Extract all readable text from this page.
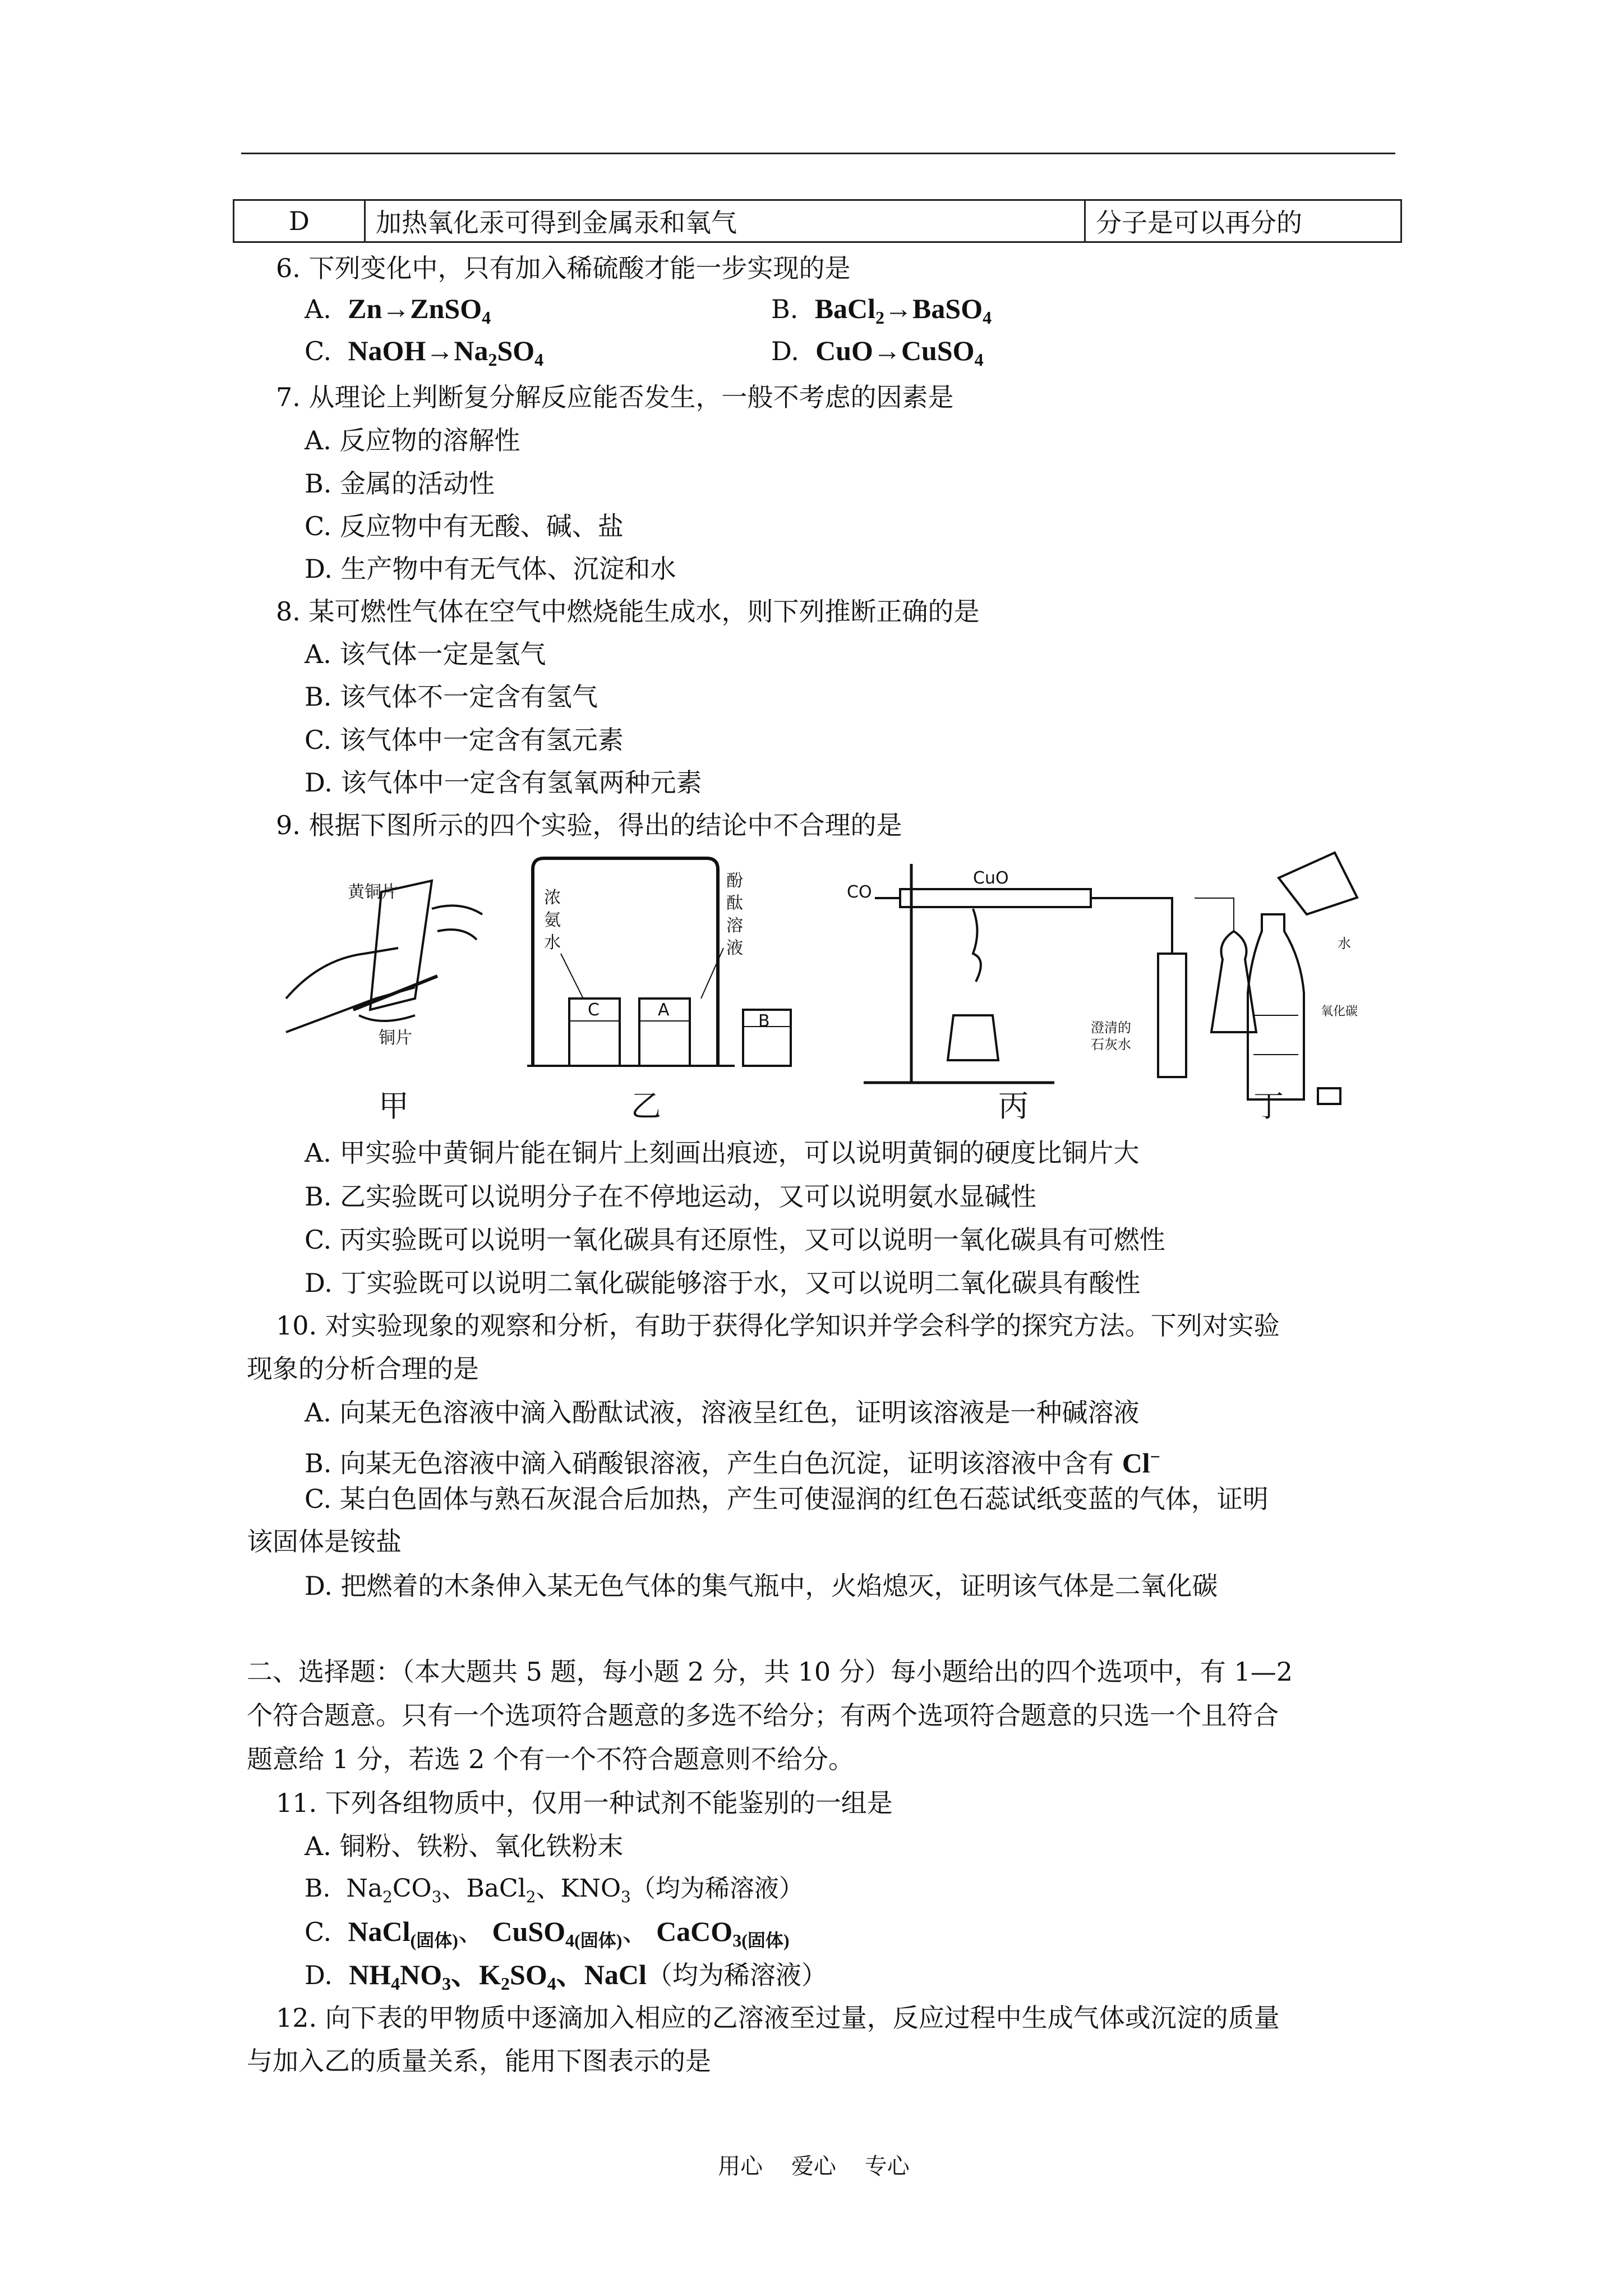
D	加热氧化汞可得到金属汞和氧气	分子是可以再分的
6. 下列变化中，只有加入稀硫酸才能一步实现的是
A. Zn→ZnSO$_4$	B. BaCl$_2$→BaSO$_4$
C. $NaOH\to Na_2SO_4$	D. CuO→CuSO$_4$
7. 从理论上判断复分解反应能否发生，一般不考虑的因素是
A. 反应物的溶解性
B. 金属的活动性
C. 反应物中有无酸、碱、盐
D. 生产物中有无气体、沉淀和水
8. 某可燃性气体在空气中燃烧能生成水，则下列推断正确的是
A. 该气体一定是氢气
B. 该气体不一定含有氢气
C. 该气体中一定含有氢元素
D. 该气体中一定含有氢氧两种元素
9. 根据下图所示的四个实验，得出的结论中不合理的是
黄铜片
铜片
浓
氨
水
酚
酞
溶
液
C	A
B
CO
CuO
澄清的
石灰水
水
氧化碳
甲	乙	丙	丁
A. 甲实验中黄铜片能在铜片上刻画出痕迹，可以说明黄铜的硬度比铜片大
B. 乙实验既可以说明分子在不停地运动，又可以说明氨水显碱性
C. 丙实验既可以说明一氧化碳具有还原性，又可以说明一氧化碳具有可燃性
D. 丁实验既可以说明二氧化碳能够溶于水，又可以说明二氧化碳具有酸性
10. 对实验现象的观察和分析，有助于获得化学知识并学会科学的探究方法。下列对实验
现象的分析合理的是
A. 向某无色溶液中滴入酚酞试液，溶液呈红色，证明该溶液是一种碱溶液
B. 向某无色溶液中滴入硝酸银溶液，产生白色沉淀，证明该溶液中含有 Cl−
C. 某白色固体与熟石灰混合后加热，产生可使湿润的红色石蕊试纸变蓝的气体，证明
该固体是铵盐
D. 把燃着的木条伸入某无色气体的集气瓶中，火焰熄灭，证明该气体是二氧化碳
二、选择题：（本大题共 5 题，每小题 2 分，共 10 分）每小题给出的四个选项中，有 1—2
个符合题意。只有一个选项符合题意的多选不给分；有两个选项符合题意的只选一个且符合
题意给 1 分，若选 2 个有一个不符合题意则不给分。
11. 下列各组物质中，仅用一种试剂不能鉴别的一组是
A. 铜粉、铁粉、氧化铁粉末
B. $Na_2CO_3$、BaCl$_2$、$KNO_3$（均为稀溶液）
C. NaCl$_{(固体)}$、 CuSO$_{4(固体)}$、 CaCO$_{3(固体)}$
D. $NH_4NO_3$、$K_2SO_4$、NaCl（均为稀溶液）
12. 向下表的甲物质中逐滴加入相应的乙溶液至过量，反应过程中生成气体或沉淀的质量
与加入乙的质量关系，能用下图表示的是
用心    爱心    专心
